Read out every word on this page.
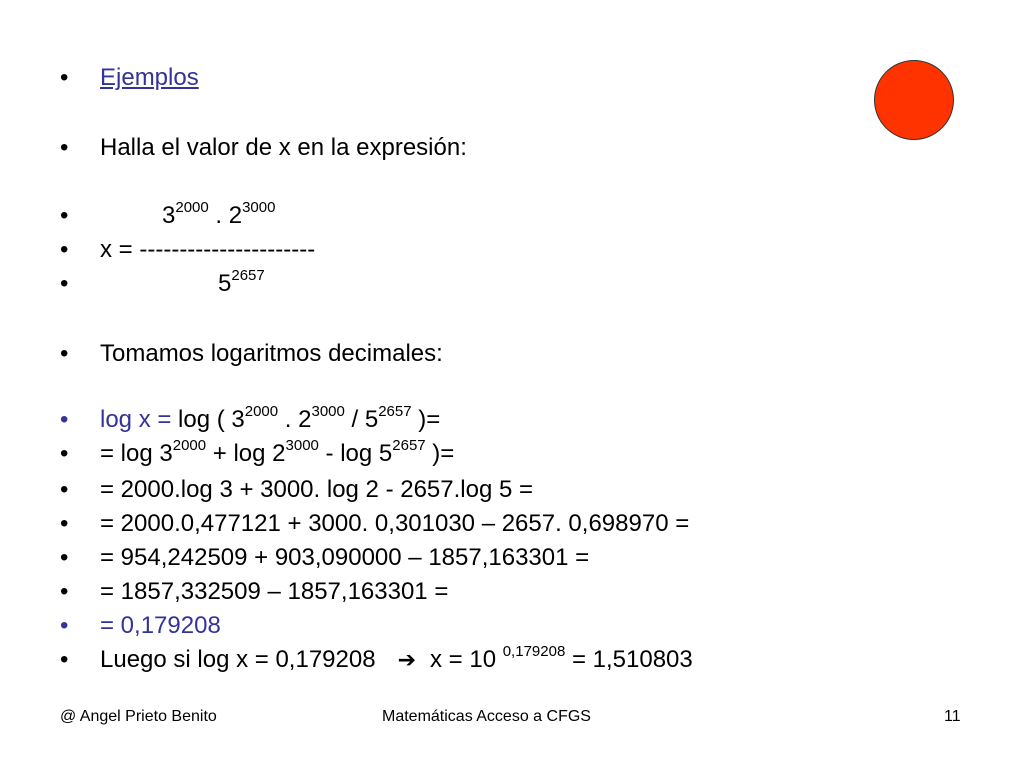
• Ejemplos
• Halla el valor de x en la expresión:
•	$3^{2000}$ . $2^{3000}$
• x = ----------------------
•	$5^{2657}$
• Tomamos logaritmos decimales:
• log x = log ( $3^{2000}$ . $2^{3000} / 5^{2657}$ )=
• = $\log 3^{2000} + \log 2^{3000} - \log 5^{2657}$ )=
• = 2000.log 3 + 3000. log 2 - 2657.log 5 =
• = 2000.0,477121 + 3000. 0,301030 – 2657. 0,698970 =
• = 954,242509 + 903,090000 – 1857,163301 =
• = 1857,332509 – 1857,163301 =
• = 0,179208
• Luego si log x = 0,179208 ➔ x = 10 $^{0,179208}$ = 1,510803
@ Angel Prieto Benito	Matemáticas Acceso a CFGS	11
